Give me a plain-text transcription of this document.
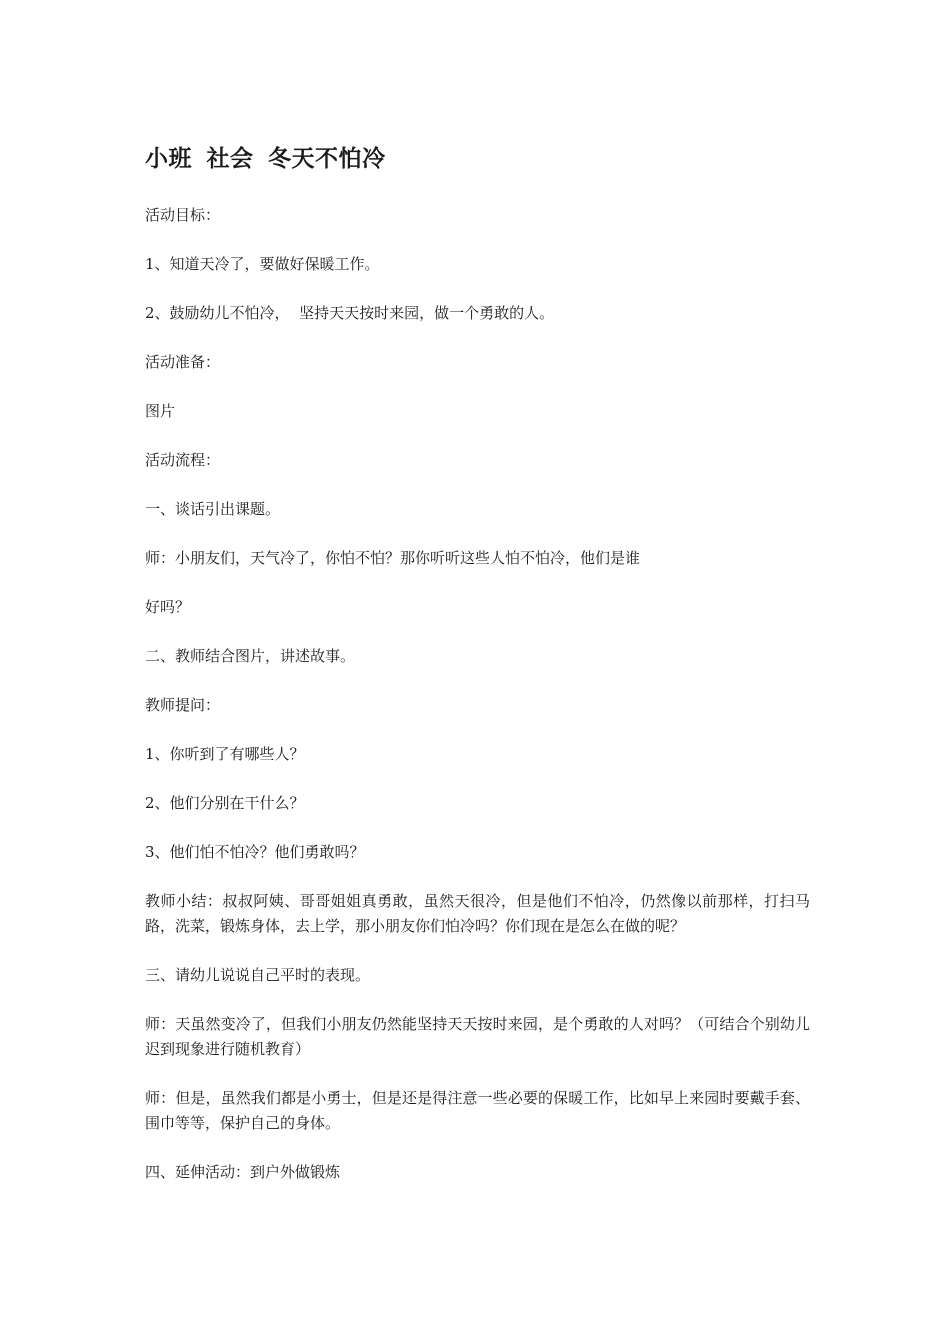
小班 社会 冬天不怕冷
活动目标：
1、知道天冷了，要做好保暖工作。
2、鼓励幼儿不怕冷，  坚持天天按时来园，做一个勇敢的人。
活动准备：
图片
活动流程：
一、谈话引出课题。
师：小朋友们，天气冷了，你怕不怕？那你听听这些人怕不怕冷，他们是谁
好吗？
二、教师结合图片，讲述故事。
教师提问：
1、你听到了有哪些人？
2、他们分别在干什么？
3、他们怕不怕冷？他们勇敢吗？
教师小结：叔叔阿姨、哥哥姐姐真勇敢，虽然天很冷，但是他们不怕冷，仍然像以前那样，打扫马路，洗菜，锻炼身体，去上学，那小朋友你们怕冷吗？你们现在是怎么在做的呢？
三、请幼儿说说自己平时的表现。
师：天虽然变冷了，但我们小朋友仍然能坚持天天按时来园，是个勇敢的人对吗？（可结合个别幼儿迟到现象进行随机教育）
师：但是，虽然我们都是小勇士，但是还是得注意一些必要的保暖工作，比如早上来园时要戴手套、围巾等等，保护自己的身体。
四、延伸活动：到户外做锻炼
